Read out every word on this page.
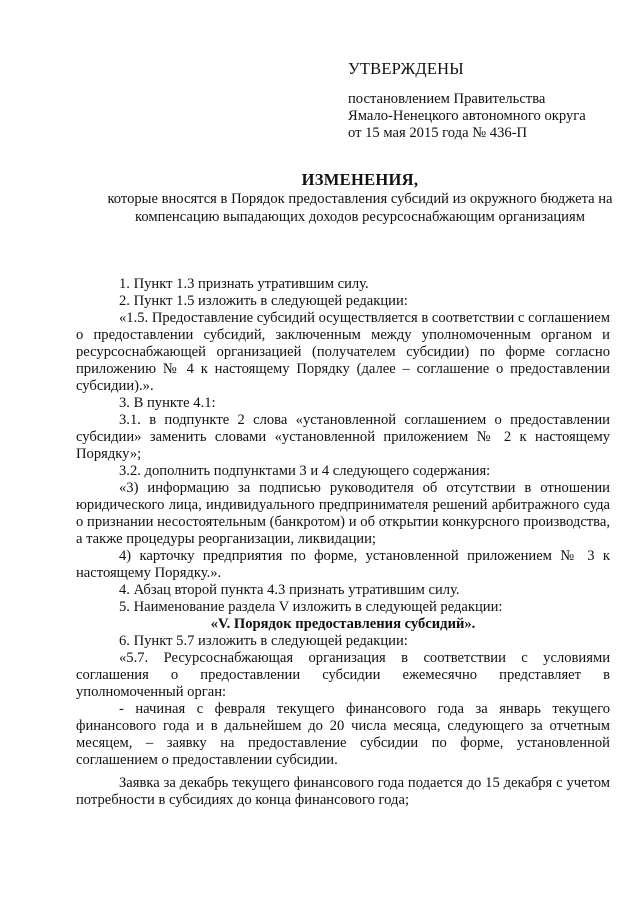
УТВЕРЖДЕНЫ
постановлением Правительства
Ямало-Ненецкого автономного округа
от 15 мая 2015 года № 436-П
ИЗМЕНЕНИЯ,
которые вносятся в Порядок предоставления субсидий из окружного бюджета на компенсацию выпадающих доходов ресурсоснабжающим организациям

1. Пункт 1.3 признать утратившим силу.

2. Пункт 1.5 изложить в следующей редакции:

«1.5. Предоставление субсидий осуществляется в соответствии с соглашением о предоставлении субсидий, заключенным между уполномоченным органом и ресурсоснабжающей организацией (получателем субсидии) по форме согласно приложению № 4 к настоящему Порядку (далее – соглашение о предоставлении субсидии).».

3. В пункте 4.1:

3.1. в подпункте 2 слова «установленной соглашением о предоставлении субсидии» заменить словами «установленной приложением № 2 к настоящему Порядку»;

3.2. дополнить подпунктами 3 и 4 следующего содержания:

«3) информацию за подписью руководителя об отсутствии в отношении юридического лица, индивидуального предпринимателя решений арбитражного суда о признании несостоятельным (банкротом) и об открытии конкурсного производства, а также процедуры реорганизации, ликвидации;

4) карточку предприятия по форме, установленной приложением № 3 к настоящему Порядку.».

4. Абзац второй пункта 4.3 признать утратившим силу.

5. Наименование раздела V изложить в следующей редакции:

«V. Порядок предоставления субсидий».

6. Пункт 5.7 изложить в следующей редакции:

«5.7. Ресурсоснабжающая организация в соответствии с условиями соглашения о предоставлении субсидии ежемесячно представляет в уполномоченный орган:

- начиная с февраля текущего финансового года за январь текущего финансового года и в дальнейшем до 20 числа месяца, следующего за отчетным месяцем, – заявку на предоставление субсидии по форме, установленной соглашением о предоставлении субсидии.

Заявка за декабрь текущего финансового года подается до 15 декабря с учетом потребности в субсидиях до конца финансового года;
